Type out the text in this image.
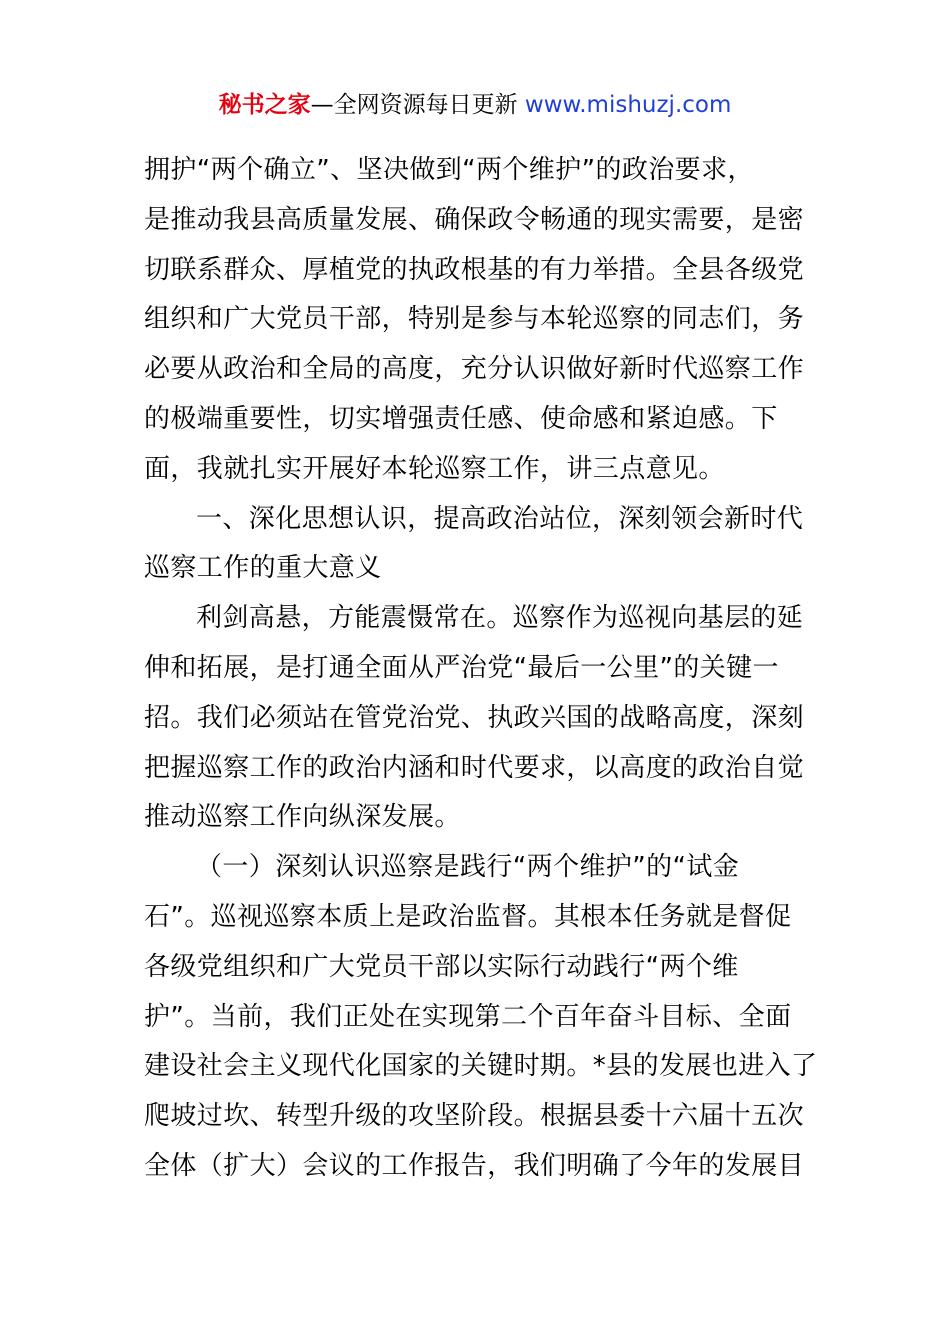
秘书之家—全网资源每日更新 www.mishuzj.com
拥护“两个确立”、坚决做到“两个维护”的政治要求，
是推动我县高质量发展、确保政令畅通的现实需要，是密
切联系群众、厚植党的执政根基的有力举措。全县各级党
组织和广大党员干部，特别是参与本轮巡察的同志们，务
必要从政治和全局的高度，充分认识做好新时代巡察工作
的极端重要性，切实增强责任感、使命感和紧迫感。下
面，我就扎实开展好本轮巡察工作，讲三点意见。
一、深化思想认识，提高政治站位，深刻领会新时代
巡察工作的重大意义
利剑高悬，方能震慑常在。巡察作为巡视向基层的延
伸和拓展，是打通全面从严治党“最后一公里”的关键一
招。我们必须站在管党治党、执政兴国的战略高度，深刻
把握巡察工作的政治内涵和时代要求，以高度的政治自觉
推动巡察工作向纵深发展。
（一）深刻认识巡察是践行“两个维护”的“试金
石”。巡视巡察本质上是政治监督。其根本任务就是督促
各级党组织和广大党员干部以实际行动践行“两个维
护”。当前，我们正处在实现第二个百年奋斗目标、全面
建设社会主义现代化国家的关键时期。*县的发展也进入了
爬坡过坎、转型升级的攻坚阶段。根据县委十六届十五次
全体（扩大）会议的工作报告，我们明确了今年的发展目
